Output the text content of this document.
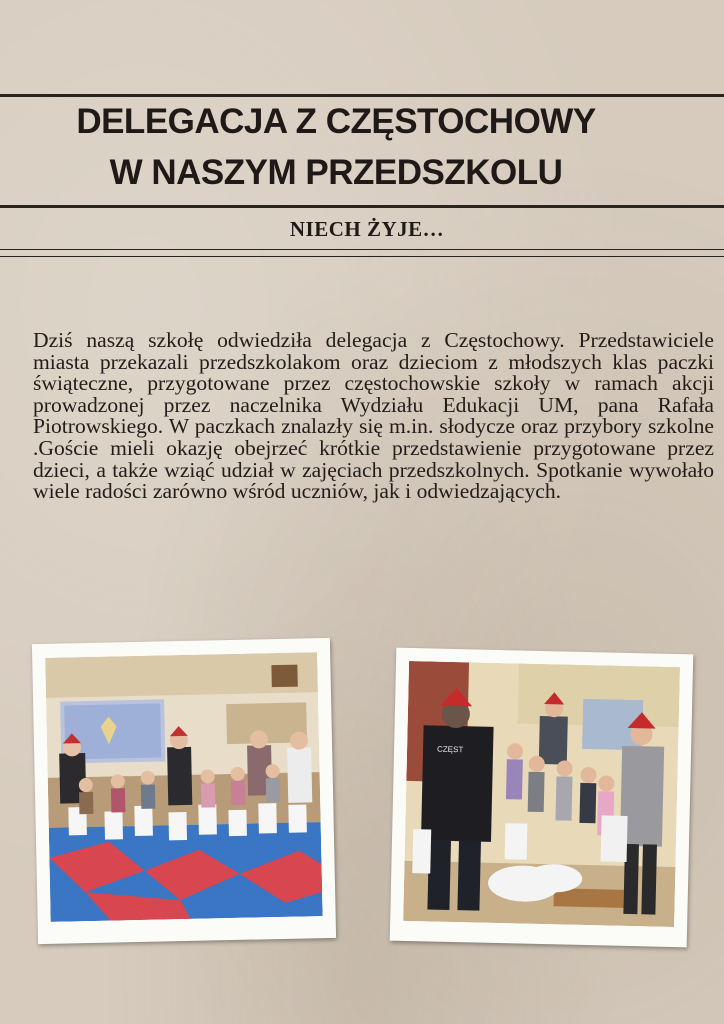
DELEGACJA Z CZĘSTOCHOWY
W NASZYM PRZEDSZKOLU
NIECH ŻYJE…
Dziś naszą szkołę odwiedziła delegacja z Częstochowy. Przedstawiciele miasta przekazali przedszkolakom oraz dzieciom z młodszych klas paczki świąteczne, przygotowane przez częstochowskie szkoły w ramach akcji prowadzonej przez naczelnika Wydziału Edukacji UM, pana Rafała Piotrowskiego. W paczkach znalazły się m.in. słodycze oraz przybory szkolne .Goście mieli okazję obejrzeć krótkie przedstawienie przygotowane przez dzieci, a także wziąć udział w zajęciach przedszkolnych. Spotkanie wywołało wiele radości zarówno wśród uczniów, jak i odwiedzających.
CZĘST
